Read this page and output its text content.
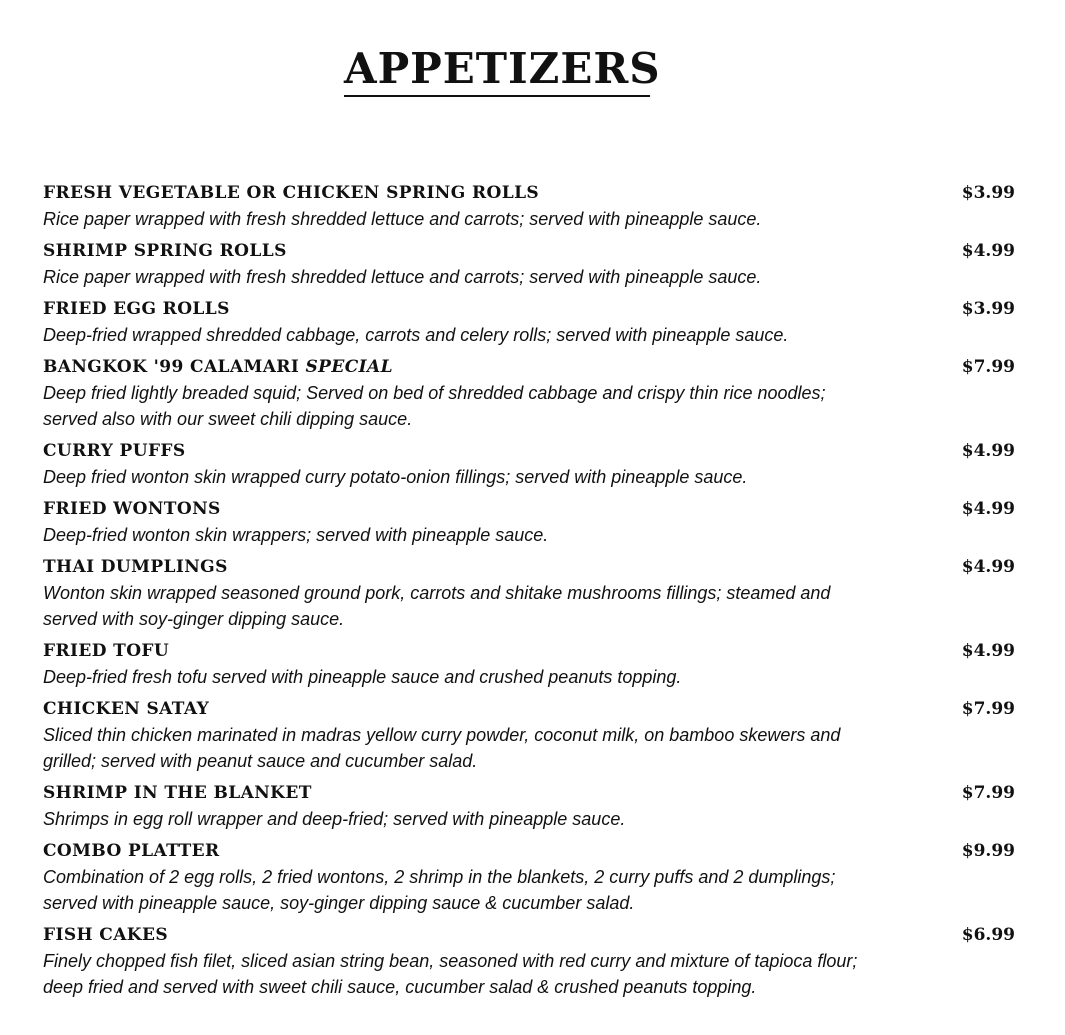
APPETIZERS
FRESH VEGETABLE OR CHICKEN SPRING ROLLS	$3.99
Rice paper wrapped with fresh shredded lettuce and carrots; served with pineapple sauce.
SHRIMP SPRING ROLLS	$4.99
Rice paper wrapped with fresh shredded lettuce and carrots; served with pineapple sauce.
FRIED EGG ROLLS	$3.99
Deep-fried wrapped shredded cabbage, carrots and celery rolls; served with pineapple sauce.
BANGKOK '99 CALAMARI SPECIAL	$7.99
Deep fried lightly breaded squid; Served on bed of shredded cabbage and crispy thin rice noodles;
served also with our sweet chili dipping sauce.
CURRY PUFFS	$4.99
Deep fried wonton skin wrapped curry potato-onion fillings; served with pineapple sauce.
FRIED WONTONS	$4.99
Deep-fried wonton skin wrappers; served with pineapple sauce.
THAI DUMPLINGS	$4.99
Wonton skin wrapped seasoned ground pork, carrots and shitake mushrooms fillings; steamed and
served with soy-ginger dipping sauce.
FRIED TOFU	$4.99
Deep-fried fresh tofu served with pineapple sauce and crushed peanuts topping.
CHICKEN SATAY	$7.99
Sliced thin chicken marinated in madras yellow curry powder, coconut milk, on bamboo skewers and
grilled; served with peanut sauce and cucumber salad.
SHRIMP IN THE BLANKET	$7.99
Shrimps in egg roll wrapper and deep-fried; served with pineapple sauce.
COMBO PLATTER	$9.99
Combination of 2 egg rolls, 2 fried wontons, 2 shrimp in the blankets, 2 curry puffs and 2 dumplings;
served with pineapple sauce, soy-ginger dipping sauce & cucumber salad.
FISH CAKES	$6.99
Finely chopped fish filet, sliced asian string bean, seasoned with red curry and mixture of tapioca flour;
deep fried and served with sweet chili sauce, cucumber salad & crushed peanuts topping.
